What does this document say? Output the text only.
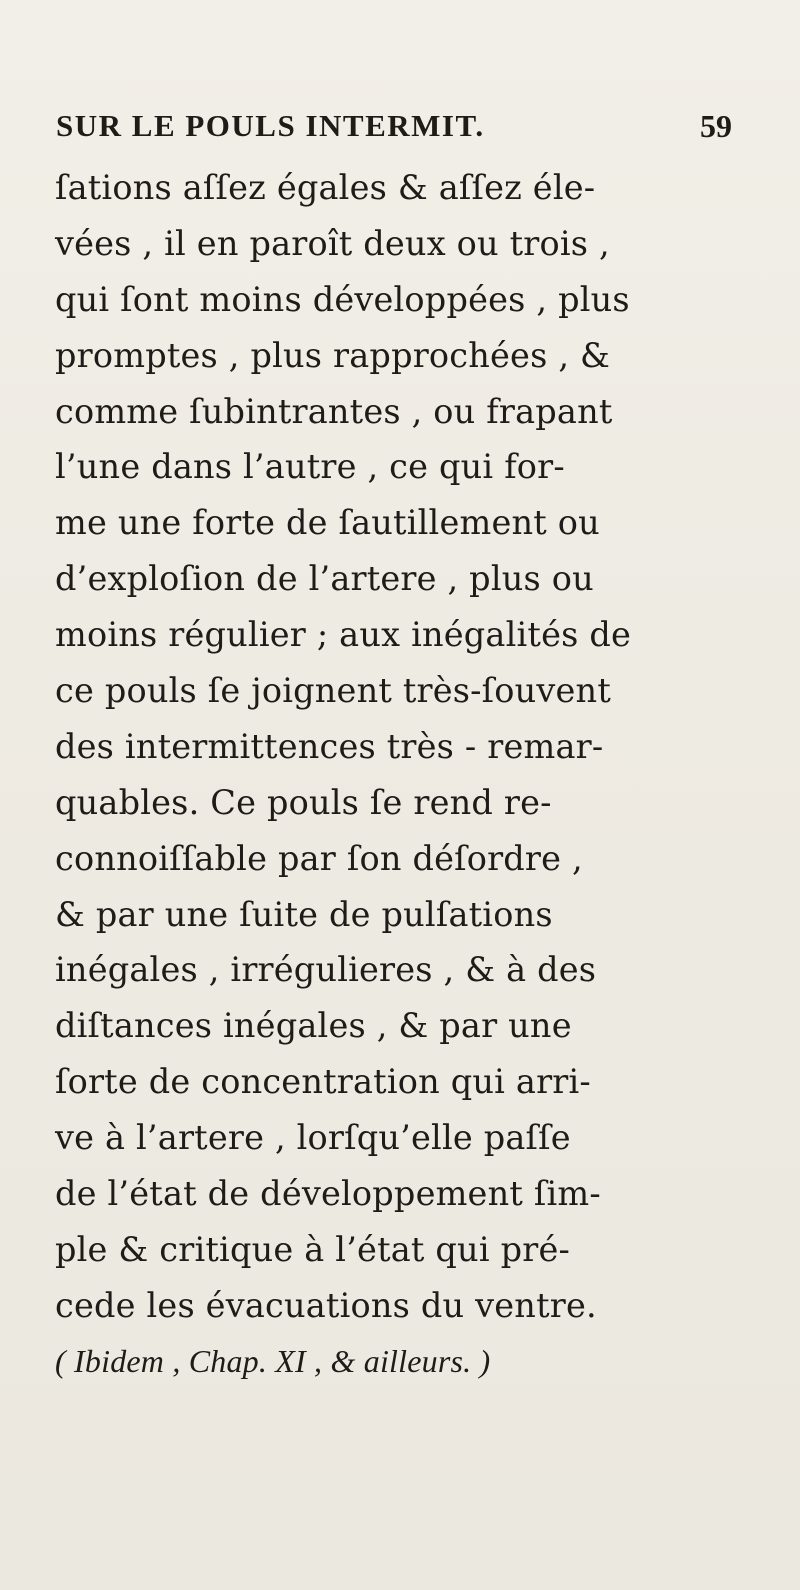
SUR LE POULS INTERMIT.	59
ſations aſſez égales & aſſez éle-
vées , il en paroît deux ou trois ,
qui ſont moins développées , plus
promptes , plus rapprochées , &
comme ſubintrantes , ou frapant
l’une dans l’autre , ce qui for-
me une forte de ſautillement ou
d’exploſion de l’artere , plus ou
moins régulier ; aux inégalités de
ce pouls ſe joignent très-ſouvent
des intermittences très - remar-
quables. Ce pouls ſe rend re-
connoiſſable par ſon déſordre ,
& par une ſuite de pulſations
inégales , irrégulieres , & à des
diſtances inégales , & par une
ſorte de concentration qui arri-
ve à l’artere , lorſqu’elle paſſe
de l’état de développement ſim-
ple & critique à l’état qui pré-
cede les évacuations du ventre.
( Ibidem , Chap. XI , & ailleurs. )
